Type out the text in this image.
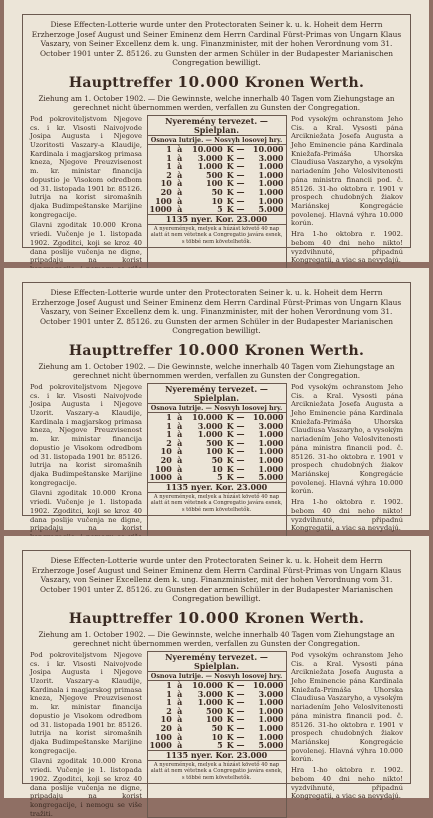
Diese Effecten-Lotterie wurde unter den Protectoraten Seiner k. u. k. Hoheit dem Herrn Erzherzoge Josef August und Seiner Eminenz dem Herrn Cardinal Fürst-Primas von Ungarn Klaus Vaszary, von Seiner Excellenz dem k. ung. Finanzminister, mit der hohen Verordnung vom 31. October 1901 unter Z. 85126. zu Gunsten der armen Schüler in der Budapester Marianischen Congregation bewilligt.

Haupttreffer 10.000 Kronen Werth.

Ziehung am 1. October 1902. — Die Gewinnste, welche innerhalb 40 Tagen vom Ziehungstage an gerechnet nicht übernommen werden, verfallen zu Gunsten der Congregation.

Pod pokroviteljstvom Njegove cs. i kr. Visosti Naivojvode Josipa Augusta i Njegove Uzoritosti Vaszary-a Klaudije, Kardinala i magjarskog primasa kneza, Njegove Preuzvisenost m. kr. ministar financija dopustio je Visokom odredbom od 31. listopada 1901 br. 85126. lutrija na korist siromašnih djaka Budimpeštanske Marijine kongregacije.

Glavni zgoditak 10.000 Krona vriedi. Vučenje je 1. listopada 1902. Zgoditci, koji se kroz 40 dana poslije vučenja ne digne, pripadaju na korist

Nyeremény tervezet. — Spielplan.
Osnova lutrije. — Nosvyh losovej hry.
1	à	10.000	K —	10.000
1	à	3.000	K —	3.000
1	à	1.000	K —	1.000
2	à	500	K —	1.000
10	à	100	K —	1.000
20	à	50	K —	1.000
100	à	10	K —	1.000
1000	à	5	K —	5.000
1135 nyer. Kor. 23.000
A nyeremények, melyek a húzást követő 40 nap alatt át nem vétetnek a Congregatio javára esnek, s többé nem követelhetők.

Pod vysokým ochranstom Jeho Cis. a Kral. Vysosti pána Arcikniežata Josefa Augusta a Jeho Eminencie pána Kardinala Kniežafa-Primáša Uhorska Claudiusa Vaszaryho, a vysokým nariadením Jeho Veloslvitenosti pána ministra financii pod. č. 85126. 31-ho oktobra r. 1901 v prospech chudobných žiakov Mariánskej Kongregácie povolenej. Hlavná výhra 10.000 korún.

Hra 1-ho oktobra r. 1902. bebom 40 dni neho nikto! vyzdvihnuté, připadnú Kongregatii, a viac sa nevydajú.

Diese Effecten-Lotterie wurde unter den Protectoraten Seiner k. u. k. Hoheit dem Herrn Erzherzoge Josef August und Seiner Eminenz dem Herrn Cardinal Fürst-Primas von Ungarn Klaus Vaszary, von Seiner Excellenz dem k. ung. Finanzminister, mit der hohen Verordnung vom 31. October 1901 unter Z. 85126. zu Gunsten der armen Schüler in der Budapester Marianischen Congregation bewilligt.

Haupttreffer 10.000 Kronen Werth.

Ziehung am 1. October 1902. — Die Gewinnste, welche innerhalb 40 Tagen vom Ziehungstage an gerechnet nicht übernommen werden, verfallen zu Gunsten der Congregation.

Pod pokroviteljstvom Njegove cs. i kr. Visosti Naivojvode Josipa Augusta i Njegove Uzorit. Vaszary-a Klaudije, Kardinala i magjarskog primasa kneza, Njegove Preuzvisenost m. kr. ministar financija dopustio je Visokom odredbom od 31. listopada 1901 br. 85126. lutrija na korist siromašnih djaka Budimpeštanske Marijine kongregacije.

Glavni zgoditak 10.000 Krona vriedi. Vučenje je 1. listopada 1902. Zgoditci, koji se kroz 40 dana poslije vučenja ne digne, pripadaju na korist

Nyeremény tervezet. — Spielplan.
Osnova lutrije. — Nosvyh losovej hry.
1	à	10.000	K —	10.000
1	à	3.000	K —	3.000
1	à	1.000	K —	1.000
2	à	500	K —	1.000
10	à	100	K —	1.000
20	à	50	K —	1.000
100	à	10	K —	1.000
1000	à	5	K —	5.000
1135 nyer. Kor. 23.000
A nyeremények, melyek a húzást követő 40 nap alatt át nem vétetnek a Congregatio javára esnek, s többé nem követelhetők.

Pod vysokým ochranstom Jeho Cis. a Kral. Vysosti pána Arcikniežata Josefa Augusta a Jeho Eminencie pána Kardinala Kniežafa-Primáša Uhorska Claudiusa Vaszaryho, a vysokým nariadením Jeho Veloslvitenosti pána ministra financii pod. č. 85126. 31-ho oktobra r. 1901 v prospech chudobných žiakov Mariánskej Kongregácie povolenej. Hlavná výhra 10.000 korún.

Hra 1-ho oktobra r. 1902. bebom 40 dni neho nikto! vyzdvihnuté, připadnú Kongregatii, a viac sa nevydajú.

Diese Effecten-Lotterie wurde unter den Protectoraten Seiner k. u. k. Hoheit dem Herrn Erzherzoge Josef August und Seiner Eminenz dem Herrn Cardinal Fürst-Primas von Ungarn Klaus Vaszary, von Seiner Excellenz dem k. ung. Finanzminister, mit der hohen Verordnung vom 31. October 1901 unter Z. 85126. zu Gunsten der armen Schüler in der Budapester Marianischen Congregation bewilligt.

Haupttreffer 10.000 Kronen Werth.

Ziehung am 1. October 1902. — Die Gewinnste, welche innerhalb 40 Tagen vom Ziehungstage an gerechnet nicht übernommen werden, verfallen zu Gunsten der Congregation.

Pod pokroviteljstvom Njegove cs. i kr. Visosti Naivojvode Josipa Augusta i Njegove Uzorit. Vaszary-a Klaudije, Kardinala i magjarskog primasa kneza, Njegove Preuzvisenost m. kr. ministar financija dopustio je Visokom odredbom od 31. listopada 1901 br. 85126. lutrija na korist siromašnih djaka Budimpeštanske Marijine kongregacije.

Glavni zgoditak 10.000 Krona vriedi. Vučenje je 1. listopada 1902. Zgoditci, koji se kroz 40 dana poslije vučenja ne digne, pripadaju na korist kongregacije, i nemogu se više tražiti.

Nyeremény tervezet. — Spielplan.
Osnova lutrije. — Nosvyh losovej hry.
1	à	10.000	K —	10.000
1	à	3.000	K —	3.000
1	à	1.000	K —	1.000
2	à	500	K —	1.000
10	à	100	K —	1.000
20	à	50	K —	1.000
100	à	10	K —	1.000
1000	à	5	K —	5.000
1135 nyer. Kor. 23.000
A nyeremények, melyek a húzást követő 40 nap alatt át nem vétetnek a Congregatio javára esnek, s többé nem követelhetők.

Pod vysokým ochranstom Jeho Cis. a Kral. Vysosti pána Arcikniežata Josefa Augusta a Jeho Eminencie pána Kardinala Kniežafa-Primáša Uhorska Claudiusa Vaszaryho, a vysokým nariadením Jeho Veloslvitenosti pána ministra financii pod. č. 85126. 31-ho oktobra r. 1901 v prospech chudobných žiakov Mariánskej Kongregácie povolenej. Hlavná výhra 10.000 korún.

Hra 1-ho oktobra r. 1902. bebom 40 dni neho nikto! vyzdvihnuté, připadnú Kongregatii, a viac sa nevydajú.
